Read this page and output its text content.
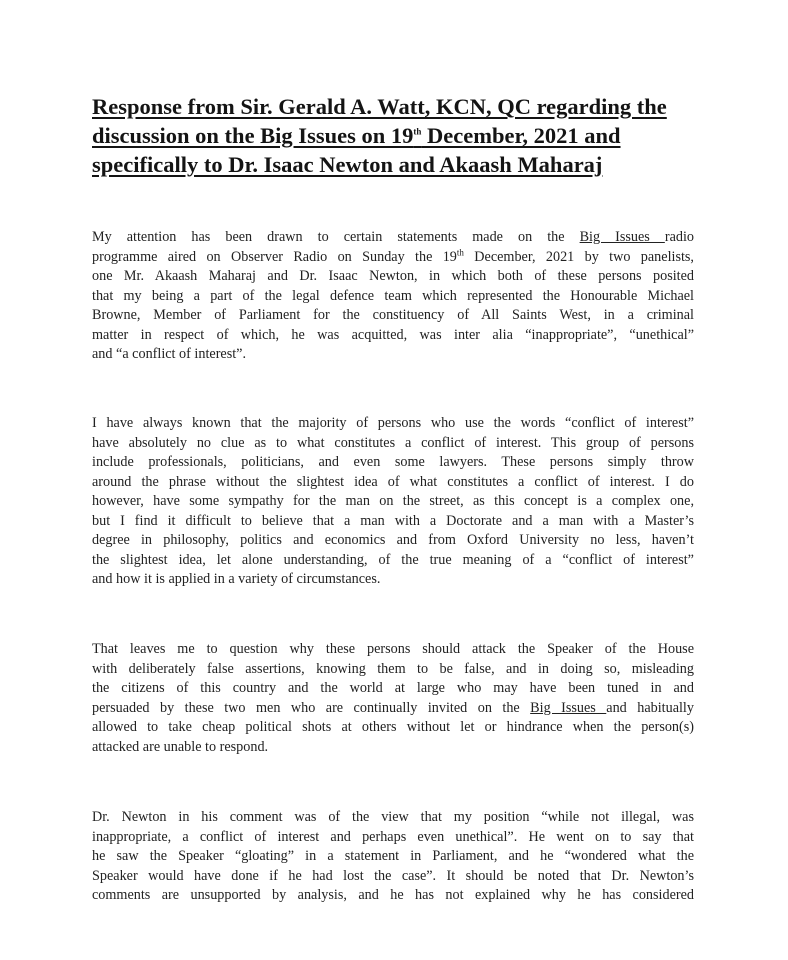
Response from Sir. Gerald A. Watt, KCN, QC regarding the
discussion on the Big Issues on 19th December, 2021 and
specifically to Dr. Isaac Newton and Akaash Maharaj
My attention has been drawn to certain statements made on the Big Issues radio
programme aired on Observer Radio on Sunday the 19th December, 2021 by two panelists,
one Mr. Akaash Maharaj and Dr. Isaac Newton, in which both of these persons posited
that my being a part of the legal defence team which represented the Honourable Michael
Browne, Member of Parliament for the constituency of All Saints West, in a criminal
matter in respect of which, he was acquitted, was inter alia “inappropriate”, “unethical”
and “a conflict of interest”.
I have always known that the majority of persons who use the words “conflict of interest”
have absolutely no clue as to what constitutes a conflict of interest. This group of persons
include professionals, politicians, and even some lawyers. These persons simply throw
around the phrase without the slightest idea of what constitutes a conflict of interest. I do
however, have some sympathy for the man on the street, as this concept is a complex one,
but I find it difficult to believe that a man with a Doctorate and a man with a Master’s
degree in philosophy, politics and economics and from Oxford University no less, haven’t
the slightest idea, let alone understanding, of the true meaning of a “conflict of interest”
and how it is applied in a variety of circumstances.
That leaves me to question why these persons should attack the Speaker of the House
with deliberately false assertions, knowing them to be false, and in doing so, misleading
the citizens of this country and the world at large who may have been tuned in and
persuaded by these two men who are continually invited on the Big Issues and habitually
allowed to take cheap political shots at others without let or hindrance when the person(s)
attacked are unable to respond.
Dr. Newton in his comment was of the view that my position “while not illegal, was
inappropriate, a conflict of interest and perhaps even unethical”. He went on to say that
he saw the Speaker “gloating” in a statement in Parliament, and he “wondered what the
Speaker would have done if he had lost the case”. It should be noted that Dr. Newton’s
comments are unsupported by analysis, and he has not explained why he has considered
